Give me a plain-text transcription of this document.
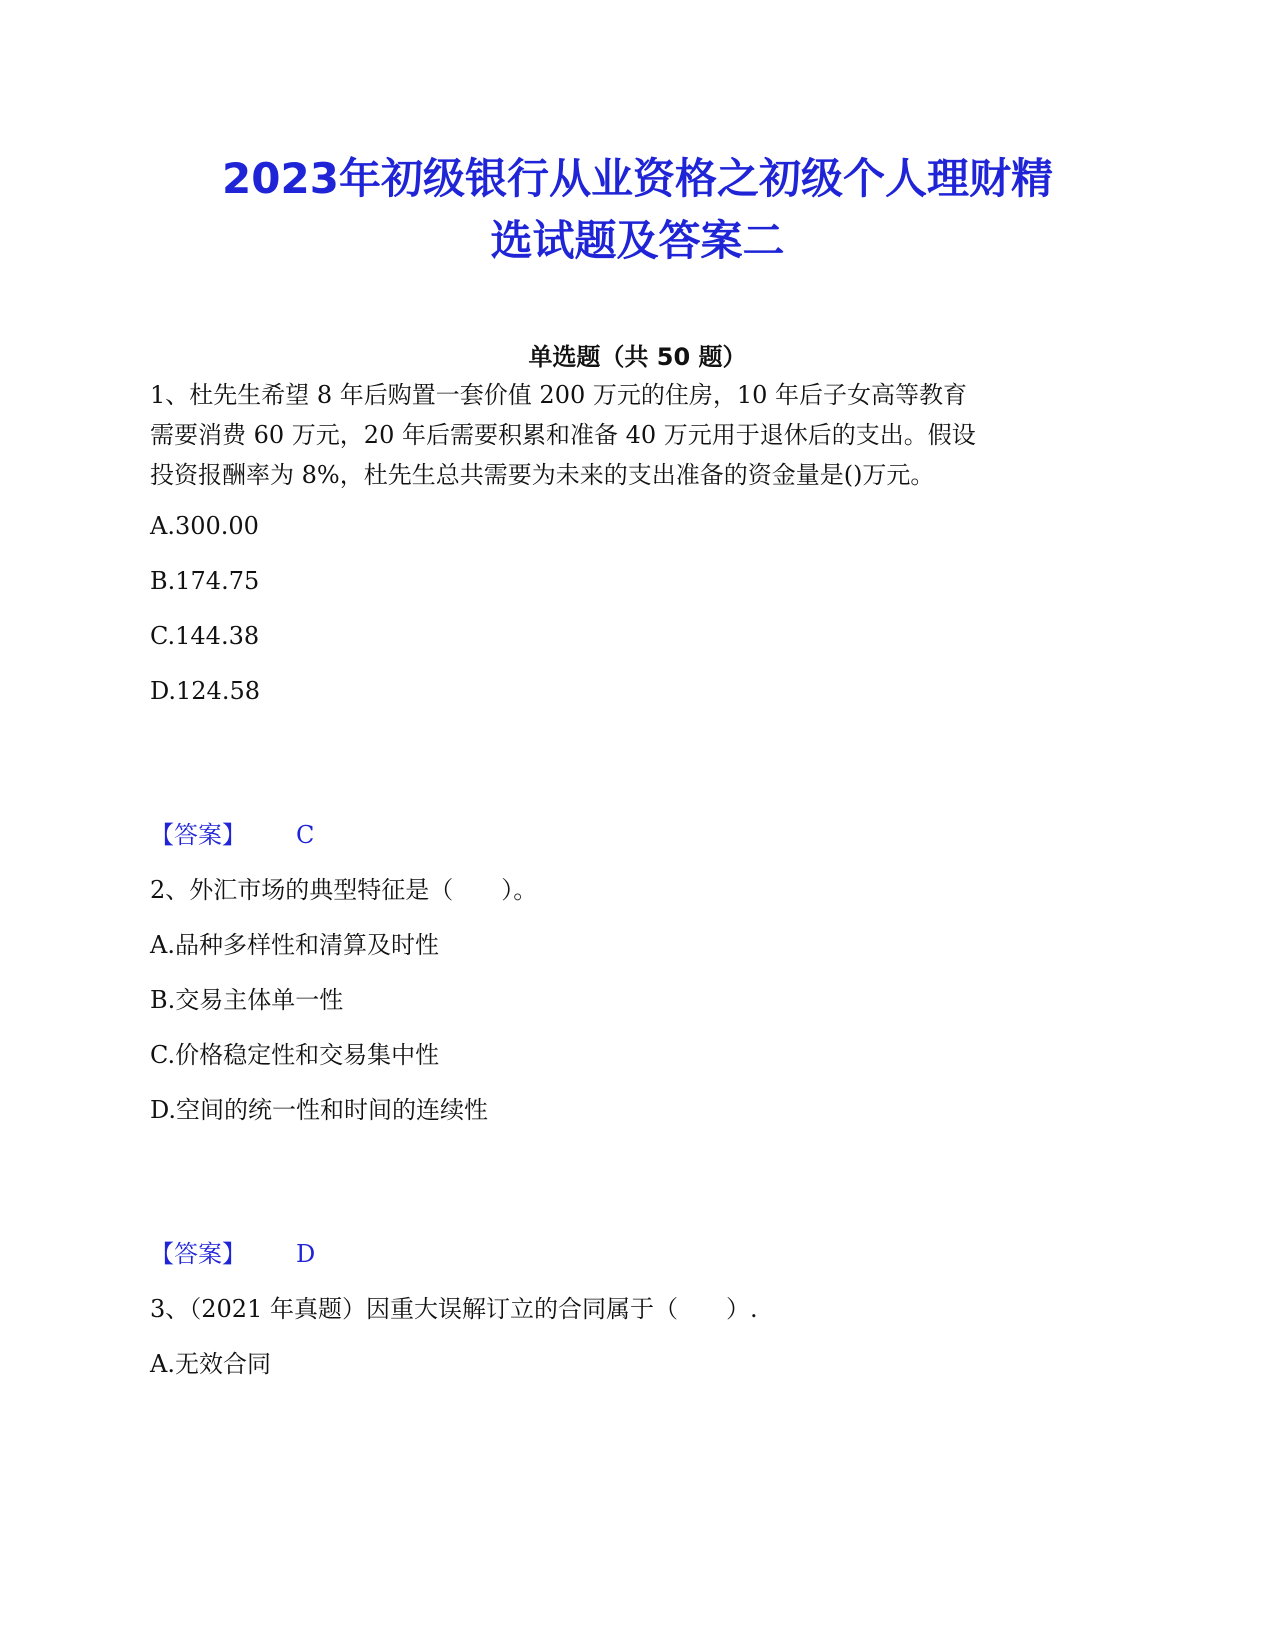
2023年初级银行从业资格之初级个人理财精
选试题及答案二
单选题（共 50 题）
1、杜先生希望 8 年后购置一套价值 200 万元的住房，10 年后子女高等教育
需要消费 60 万元，20 年后需要积累和准备 40 万元用于退休后的支出。假设
投资报酬率为 8%，杜先生总共需要为未来的支出准备的资金量是()万元。
A.300.00
B.174.75
C.144.38
D.124.58
【答案】 C
2、外汇市场的典型特征是（　　）。
A.品种多样性和清算及时性
B.交易主体单一性
C.价格稳定性和交易集中性
D.空间的统一性和时间的连续性
【答案】 D
3、（2021 年真题）因重大误解订立的合同属于（　　）.
A.无效合同
